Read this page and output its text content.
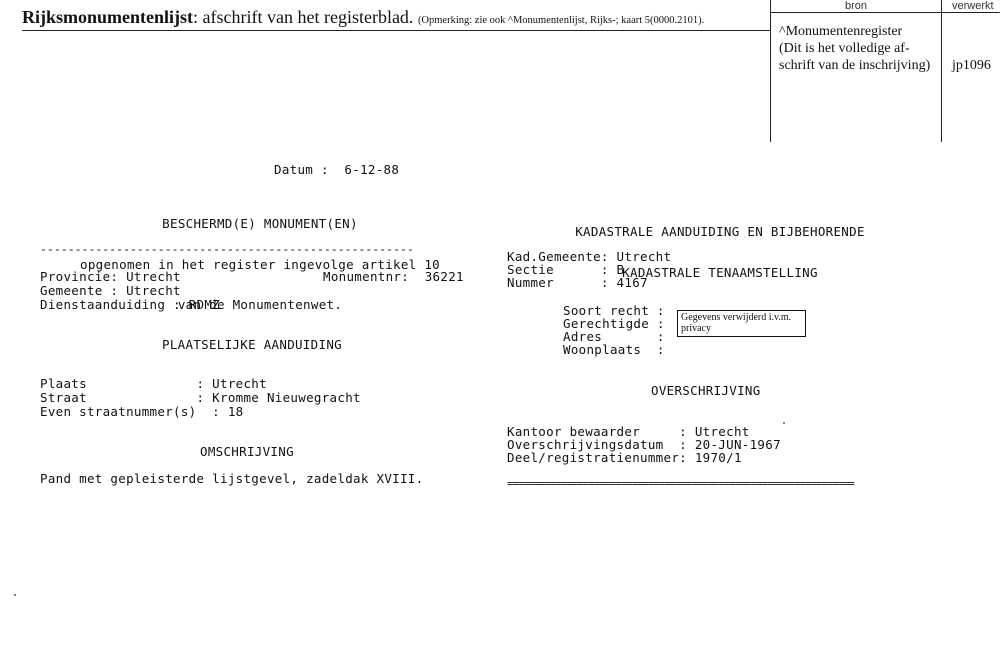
Rijksmonumentenlijst: afschrift van het registerblad. (Opmerking: zie ook ^Monumentenlijst, Rijks-; kaart 5(0000.2101).
bron	verwerkt
^Monumentenregister
(Dit is het volledige af-
schrift van de inschrijving)	jp1096
Datum :  6-12-88

BESCHERMD(E) MONUMENT(EN)

opgenomen in het register ingevolge artikel 10

van de Monumentenwet.

------------------------------------------------------
Provincie: Utrecht	Monumentnr:  36221
Gemeente : Utrecht
Dienstaanduiding : RDMZ
PLAATSELIJKE AANDUIDING
Plaats              : Utrecht
Straat              : Kromme Nieuwegracht
Even straatnummer(s)  : 18
OMSCHRIJVING
Pand met gepleisterde lijstgevel, zadeldak XVIII.

KADASTRALE AANDUIDING EN BIJBEHORENDE

KADASTRALE TENAAMSTELLING

Kad.Gemeente: Utrecht
Sectie      : B
Nummer      : 4167
Soort recht :
Gerechtigde :
Adres       :
Woonplaats  :
Gegevens verwijderd i.v.m. privacy
OVERSCHRIJVING
Kantoor bewaarder     : Utrecht
Overschrijvingsdatum  : 20-JUN-1967
Deel/registratienummer: 1970/1
================================================================
